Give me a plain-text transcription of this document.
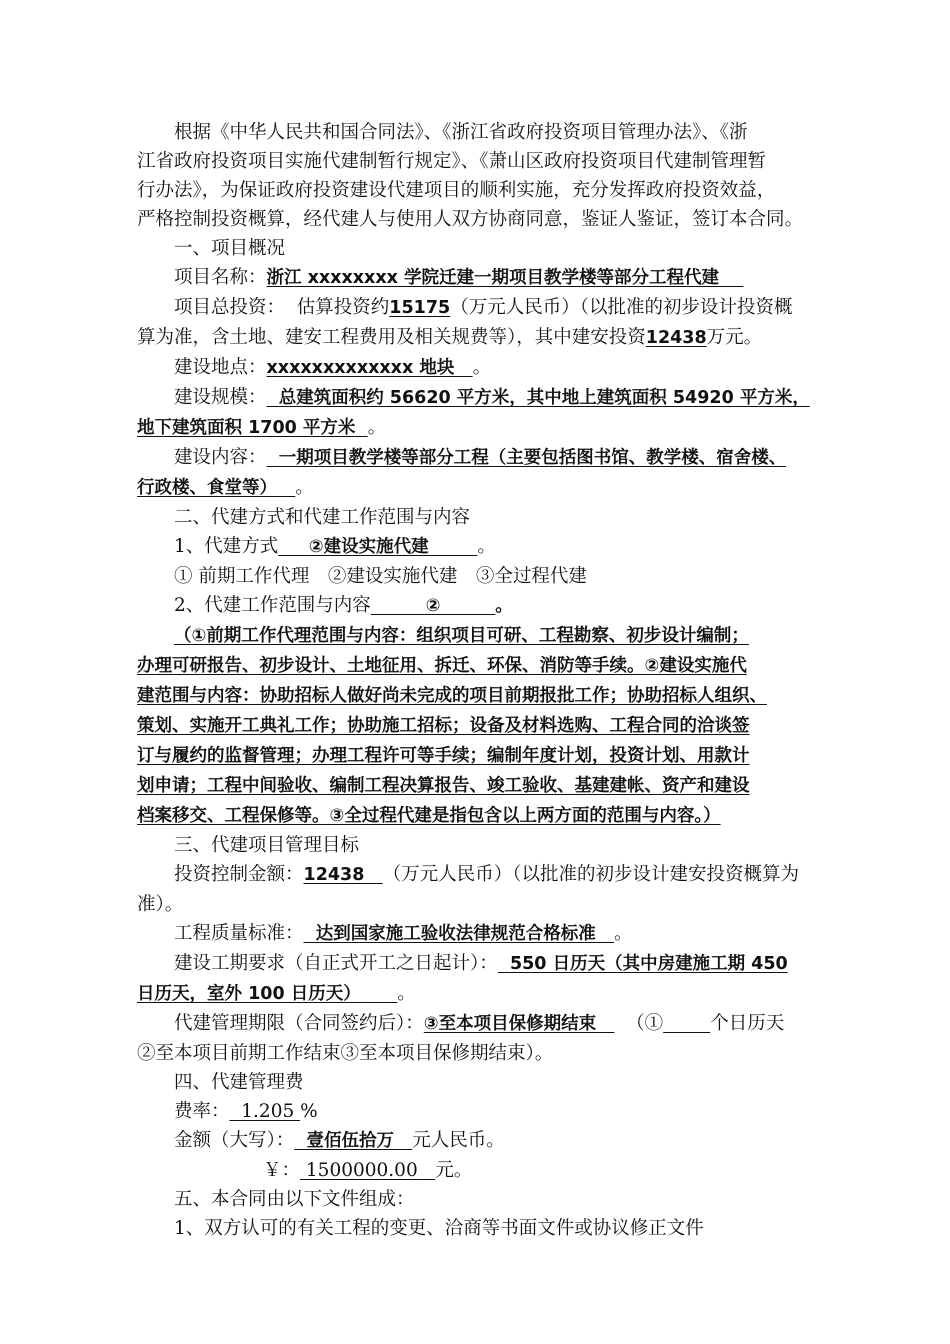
根据《中华人民共和国合同法》、《浙江省政府投资项目管理办法》、《浙

江省政府投资项目实施代建制暂行规定》、《萧山区政府投资项目代建制管理暂

行办法》，为保证政府投资建设代建项目的顺利实施，充分发挥政府投资效益，

严格控制投资概算，经代建人与使用人双方协商同意，鉴证人鉴证，签订本合同。

一、项目概况

项目名称：浙江 xxxxxxxx 学院迁建一期项目教学楼等部分工程代建

项目总投资： 估算投资约15175（万元人民币）（以批准的初步设计投资概

算为准，含土地、建安工程费用及相关规费等），其中建安投资12438万元。

建设地点：xxxxxxxxxxxxx 地块 。

建设规模： 总建筑面积约 56620 平方米，其中地上建筑面积 54920 平方米，

地下建筑面积 1700 平方米 。

建设内容： 一期项目教学楼等部分工程（主要包括图书馆、教学楼、宿舍楼、

行政楼、食堂等） 。

二、代建方式和代建工作范围与内容

1、代建方式 ②建设实施代建	。

① 前期工作代理　②建设实施代建　③全过程代建

2、代建工作范围与内容	②	。

（①前期工作代理范围与内容：组织项目可研、工程勘察、初步设计编制；

办理可研报告、初步设计、土地征用、拆迁、环保、消防等手续。②建设实施代

建范围与内容：协助招标人做好尚未完成的项目前期报批工作；协助招标人组织、

策划、实施开工典礼工作；协助施工招标；设备及材料选购、工程合同的洽谈签

订与履约的监督管理；办理工程许可等手续；编制年度计划，投资计划、用款计

划申请；工程中间验收、编制工程决算报告、竣工验收、基建建帐、资产和建设

档案移交、工程保修等。③全过程代建是指包含以上两方面的范围与内容。）

三、代建项目管理目标

投资控制金额：12438 （万元人民币）（以批准的初步设计建安投资概算为

准）。

工程质量标准： 达到国家施工验收法律规范合格标准 。

建设工期要求（自正式开工之日起计）： 550 日历天（其中房建施工期 450

日历天，室外 100 日历天） 。

代建管理期限（合同签约后）：③至本项目保修期结束 （①	个日历天

②至本项目前期工作结束③至本项目保修期结束）。

四、代建管理费

费率： 1.205 %

金额（大写）： 壹佰伍拾万 元人民币。

￥： 1500000.00 元。

五、本合同由以下文件组成：

1、双方认可的有关工程的变更、洽商等书面文件或协议修正文件
